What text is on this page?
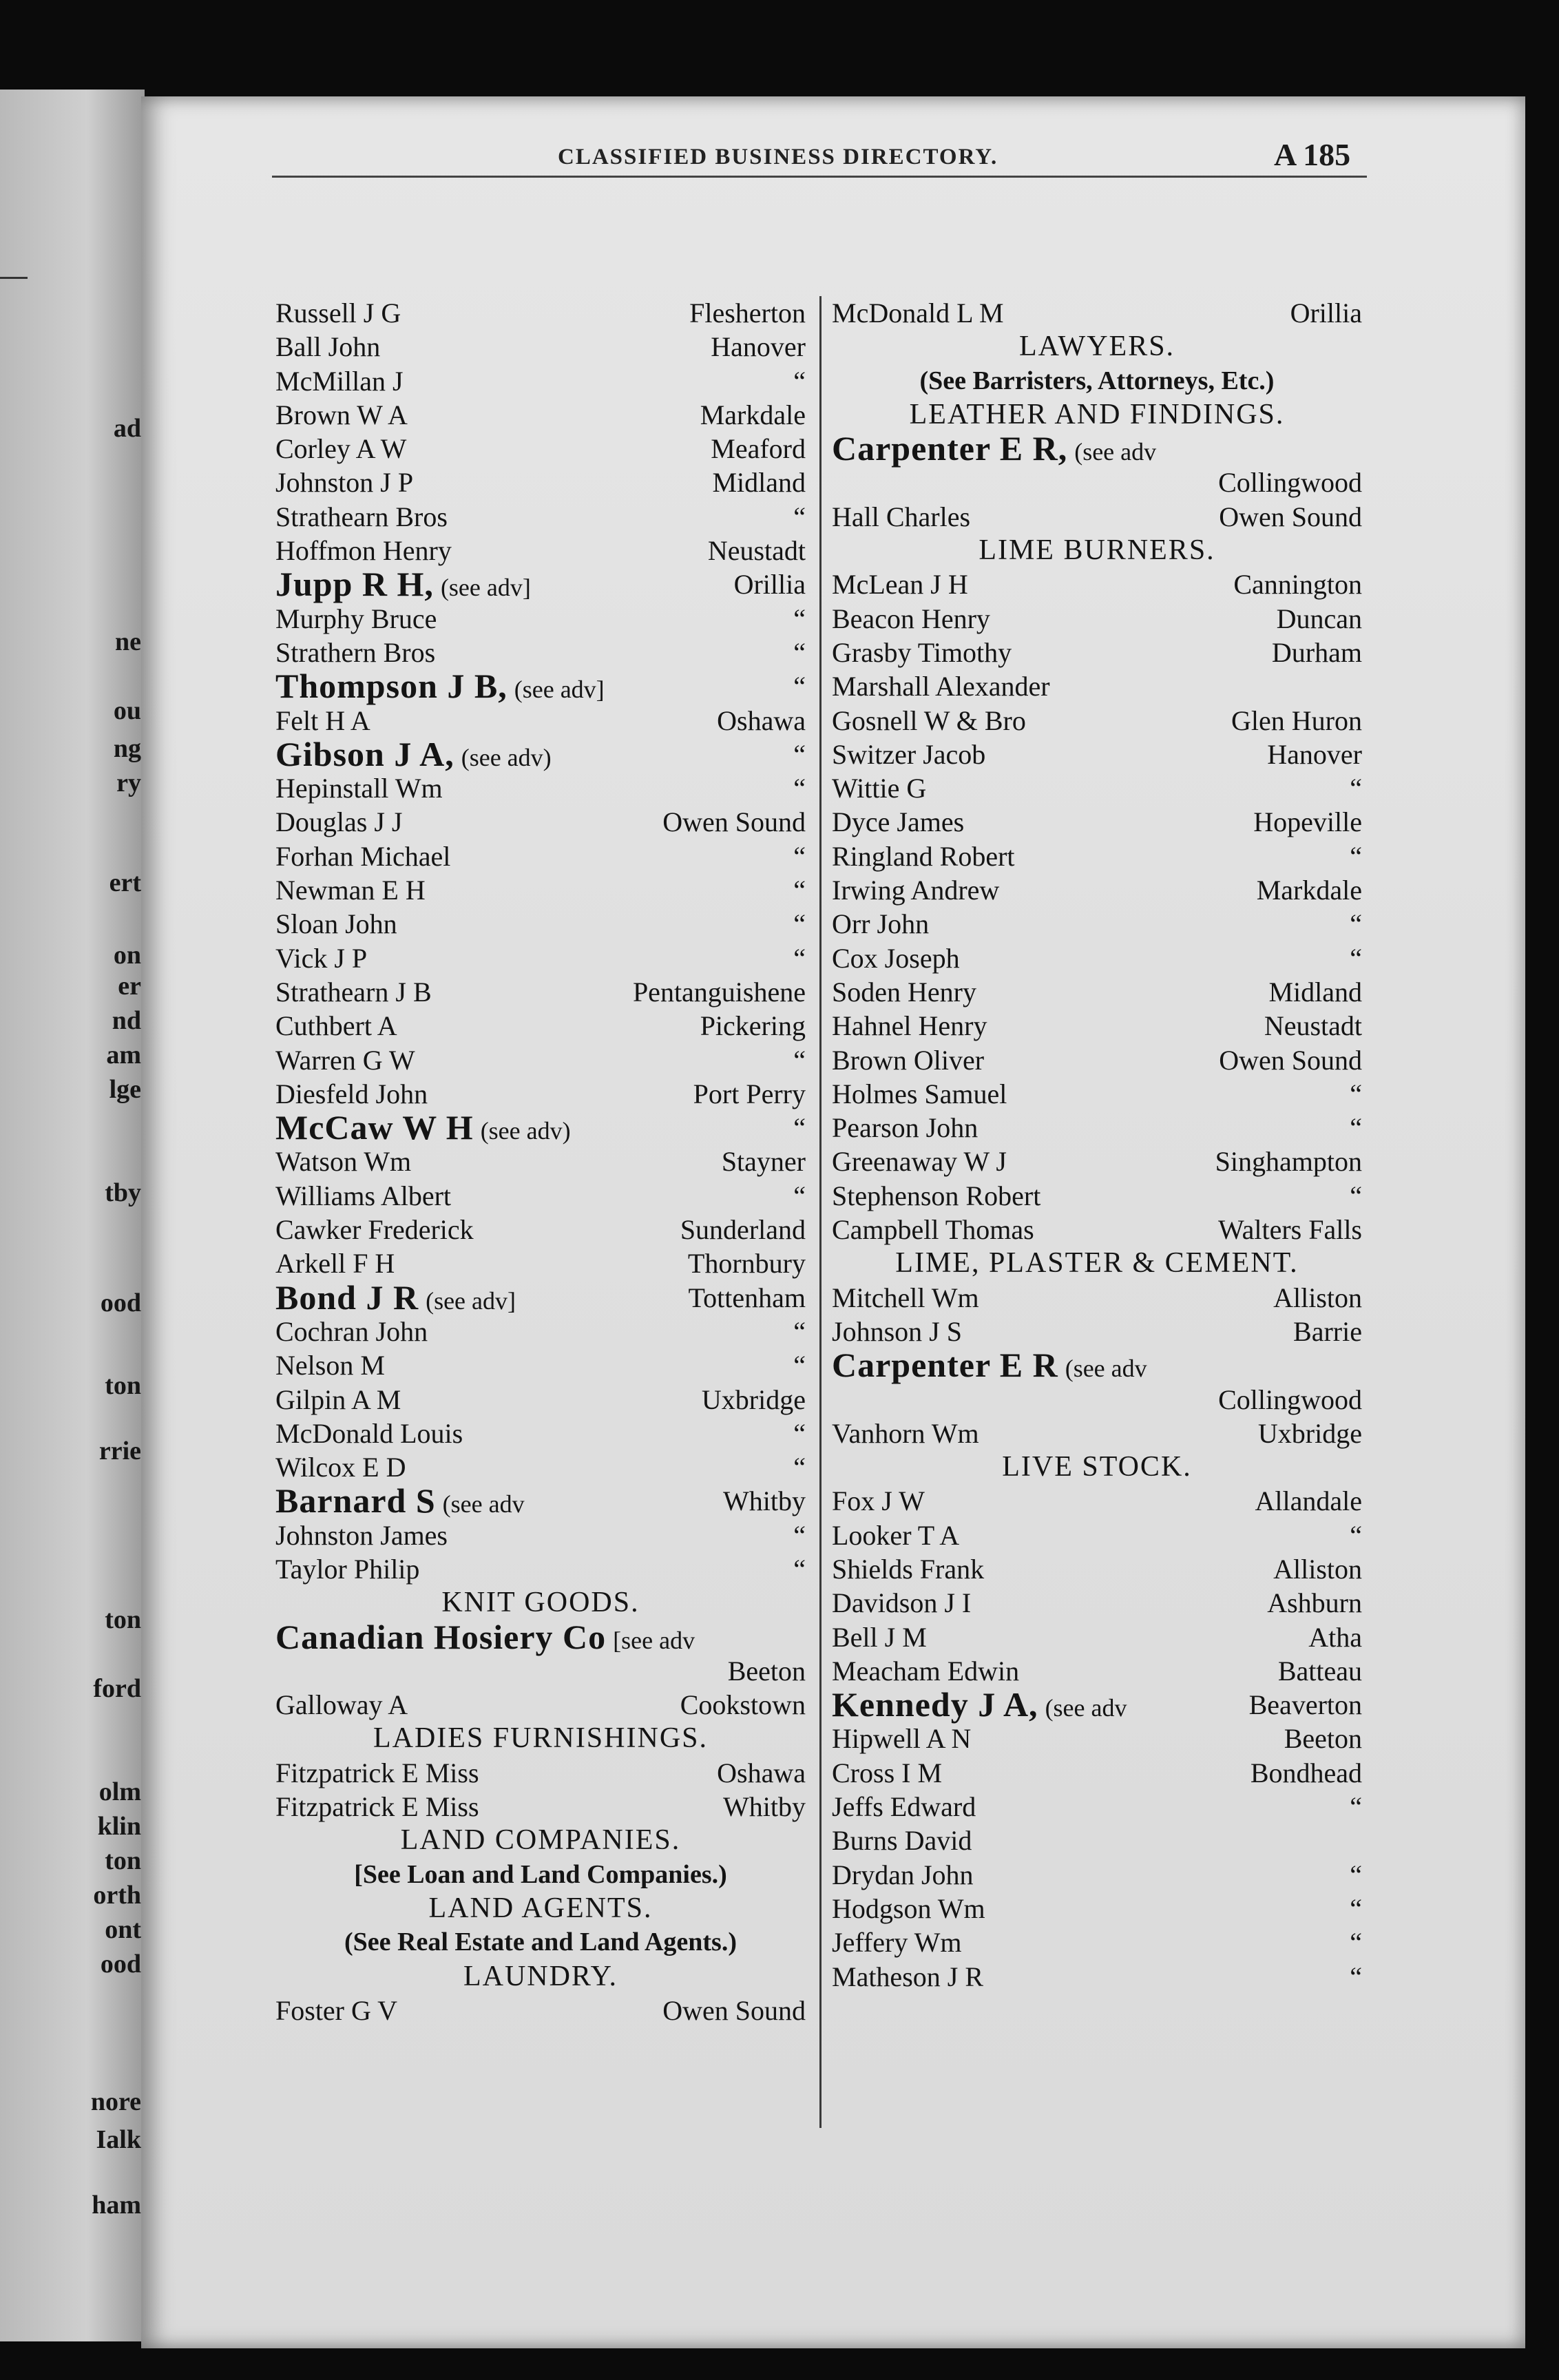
ad
ne
ou
ng
ry
ert
on
er
nd
am
lge
tby
ood
ton
rrie
ton
ford
olm
klin
ton
orth
ont
ood
nore
Ialk
ham
CLASSIFIED BUSINESS DIRECTORY.	A 185
Russell J G	Flesherton
Ball John	Hanover
McMillan J	“
Brown W A	Markdale
Corley A W	Meaford
Johnston J P	Midland
Strathearn Bros	“
Hoffmon Henry	Neustadt
Jupp R H, (see adv]	Orillia
Murphy Bruce	“
Strathern Bros	“
Thompson J B, (see adv]	“
Felt H A	Oshawa
Gibson J A, (see adv)	“
Hepinstall Wm	“
Douglas J J	Owen Sound
Forhan Michael	“
Newman E H	“
Sloan John	“
Vick J P	“
Strathearn J B	Pentanguishene
Cuthbert A	Pickering
Warren G W	“
Diesfeld John	Port Perry
McCaw W H (see adv)	“
Watson Wm	Stayner
Williams Albert	“
Cawker Frederick	Sunderland
Arkell F H	Thornbury
Bond J R (see adv]	Tottenham
Cochran John	“
Nelson M	“
Gilpin A M	Uxbridge
McDonald Louis	“
Wilcox E D	“
Barnard S (see adv	Whitby
Johnston James	“
Taylor Philip	“
KNIT GOODS.
Canadian Hosiery Co [see adv
Beeton
Galloway A	Cookstown
LADIES FURNISHINGS.
Fitzpatrick E Miss	Oshawa
Fitzpatrick E Miss	Whitby
LAND COMPANIES.
[See Loan and Land Companies.)
LAND AGENTS.
(See Real Estate and Land Agents.)
LAUNDRY.
Foster G V	Owen Sound
McDonald L M	Orillia
LAWYERS.
(See Barristers, Attorneys, Etc.)
LEATHER AND FINDINGS.
Carpenter E R, (see adv
Collingwood
Hall Charles	Owen Sound
LIME BURNERS.
McLean J H	Cannington
Beacon Henry	Duncan
Grasby Timothy	Durham
Marshall Alexander
Gosnell W & Bro	Glen Huron
Switzer Jacob	Hanover
Wittie G	“
Dyce James	Hopeville
Ringland Robert	“
Irwing Andrew	Markdale
Orr John	“
Cox Joseph	“
Soden Henry	Midland
Hahnel Henry	Neustadt
Brown Oliver	Owen Sound
Holmes Samuel	“
Pearson John	“
Greenaway W J	Singhampton
Stephenson Robert	“
Campbell Thomas	Walters Falls
LIME, PLASTER & CEMENT.
Mitchell Wm	Alliston
Johnson J S	Barrie
Carpenter E R (see adv
Collingwood
Vanhorn Wm	Uxbridge
LIVE STOCK.
Fox J W	Allandale
Looker T A	“
Shields Frank	Alliston
Davidson J I	Ashburn
Bell J M	Atha
Meacham Edwin	Batteau
Kennedy J A, (see adv	Beaverton
Hipwell A N	Beeton
Cross I M	Bondhead
Jeffs Edward	“
Burns David
Drydan John	“
Hodgson Wm	“
Jeffery Wm	“
Matheson J R	“
